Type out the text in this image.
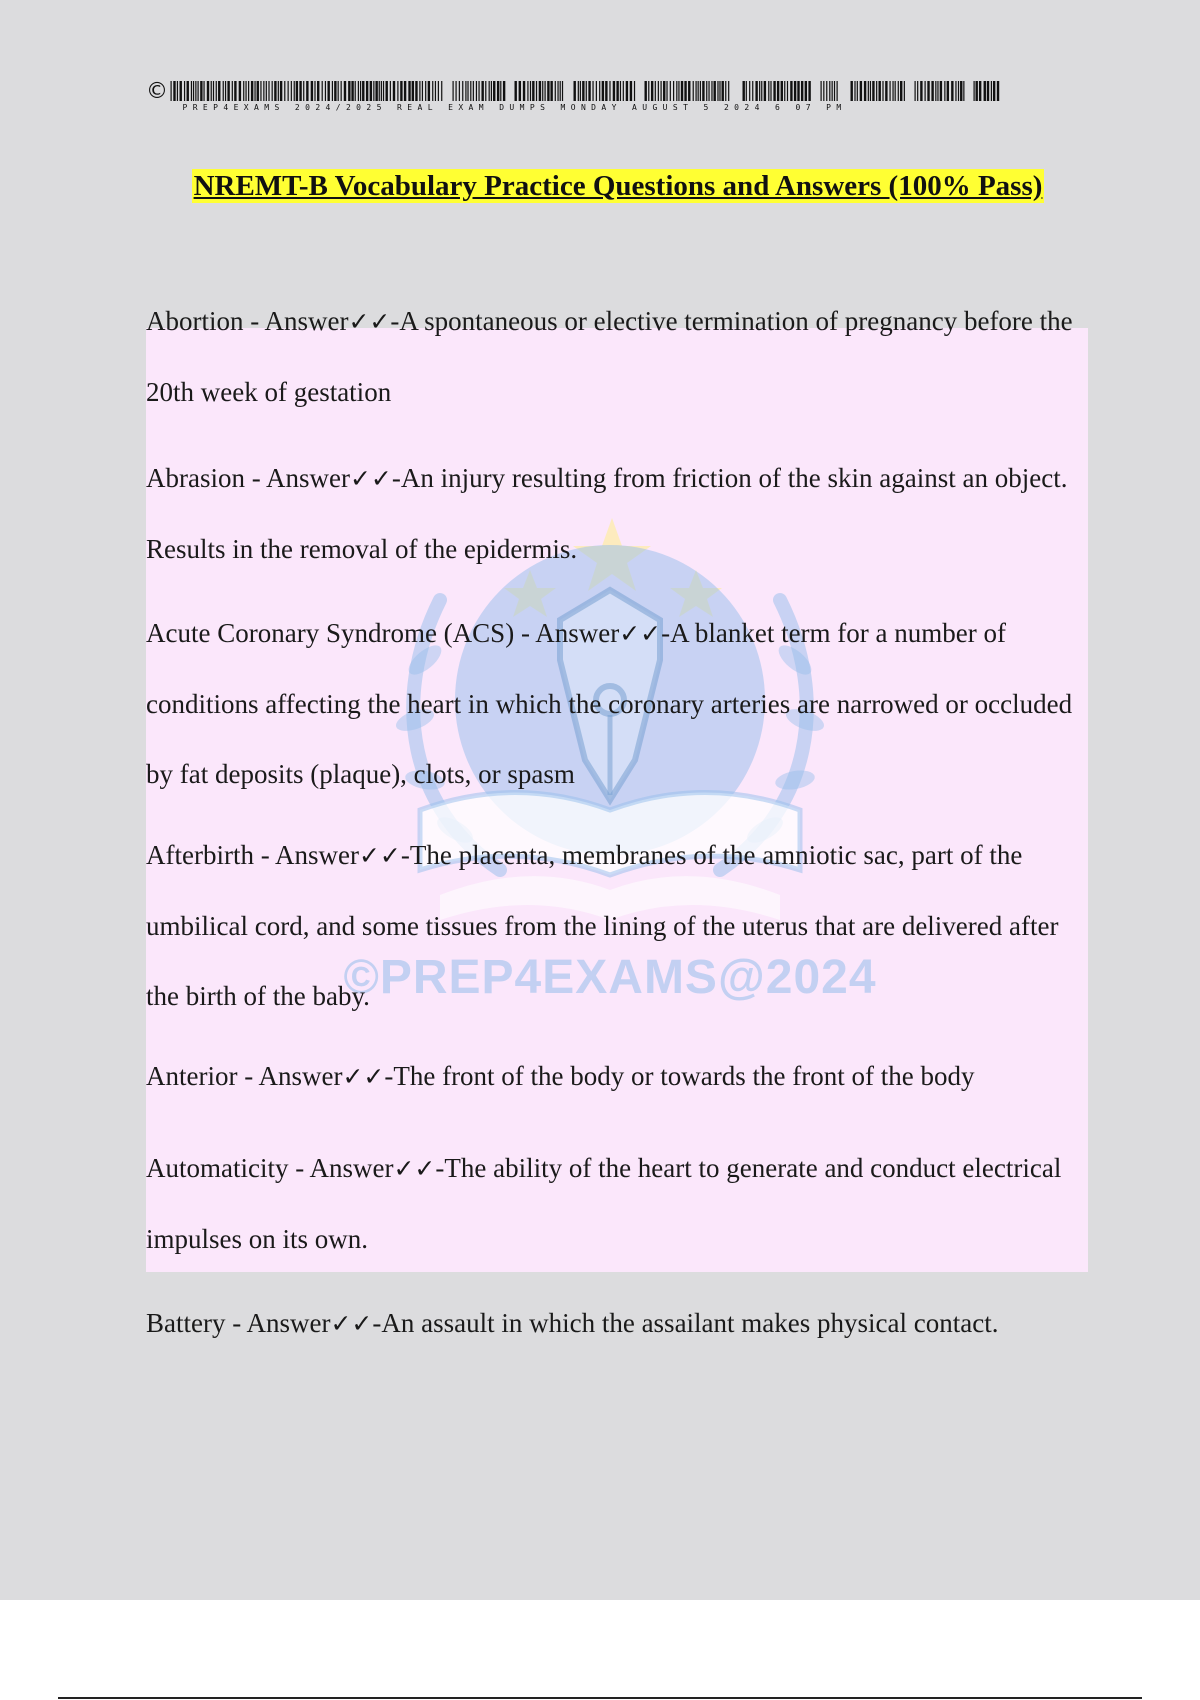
©PREP4EXAMS@2024
©
PREP4EXAMS 2024/2025 REAL EXAM DUMPS MONDAY AUGUST 5 2024 6 07 PM
NREMT-B Vocabulary Practice Questions and Answers (100% Pass)

Abortion - Answer✓✓-A spontaneous or elective termination of pregnancy before the 20th week of gestation

Abrasion - Answer✓✓-An injury resulting from friction of the skin against an object. Results in the removal of the epidermis.

Acute Coronary Syndrome (ACS) - Answer✓✓-A blanket term for a number of conditions affecting the heart in which the coronary arteries are narrowed or occluded by fat deposits (plaque), clots, or spasm

Afterbirth - Answer✓✓-The placenta, membranes of the amniotic sac, part of the umbilical cord, and some tissues from the lining of the uterus that are delivered after the birth of the baby.

Anterior - Answer✓✓-The front of the body or towards the front of the body

Automaticity - Answer✓✓-The ability of the heart to generate and conduct electrical impulses on its own.

Battery - Answer✓✓-An assault in which the assailant makes physical contact.
